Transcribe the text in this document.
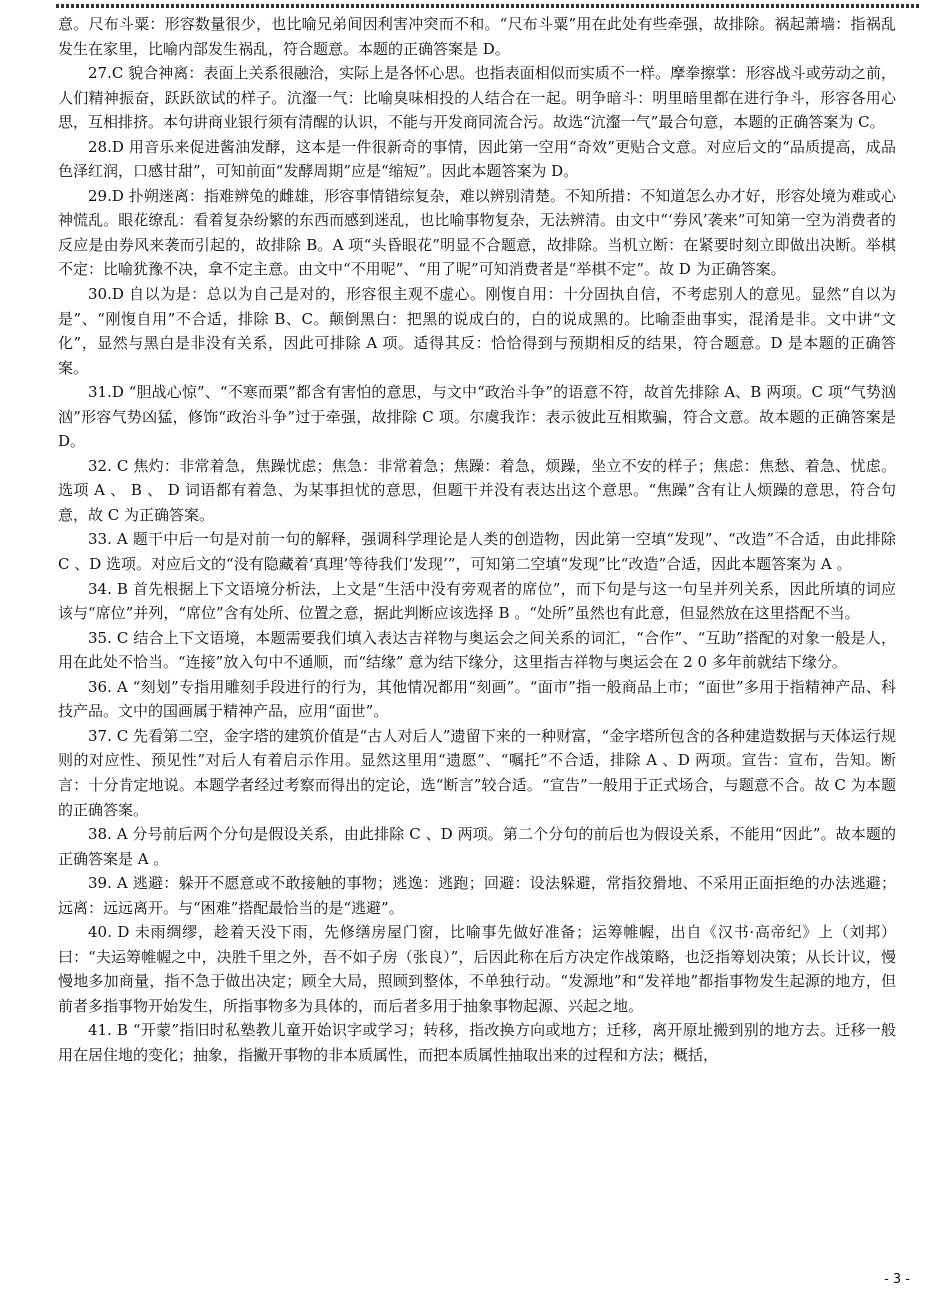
意。尺布斗粟：形容数量很少，也比喻兄弟间因利害冲突而不和。“尺布斗粟”用在此处有些牵强，故排除。祸起萧墙：指祸乱发生在家里，比喻内部发生祸乱，符合题意。本题的正确答案是 D。

27.C 貌合神离：表面上关系很融洽，实际上是各怀心思。也指表面相似而实质不一样。摩拳擦掌：形容战斗或劳动之前，人们精神振奋，跃跃欲试的样子。沆瀣一气：比喻臭味相投的人结合在一起。明争暗斗：明里暗里都在进行争斗，形容各用心思，互相排挤。本句讲商业银行须有清醒的认识，不能与开发商同流合污。故选“沆瀣一气”最合句意，本题的正确答案为 C。

28.D 用音乐来促进酱油发酵，这本是一件很新奇的事情，因此第一空用“奇效”更贴合文意。对应后文的“品质提高，成品色泽红润，口感甘甜”，可知前面“发酵周期”应是“缩短”。因此本题答案为 D。

29.D 扑朔迷离：指难辨兔的雌雄，形容事情错综复杂，难以辨别清楚。不知所措：不知道怎么办才好，形容处境为难或心神慌乱。眼花缭乱：看着复杂纷繁的东西而感到迷乱，也比喻事物复杂，无法辨清。由文中“‘券风’袭来”可知第一空为消费者的反应是由券风来袭而引起的，故排除 B。A 项“头昏眼花”明显不合题意，故排除。当机立断：在紧要时刻立即做出决断。举棋不定：比喻犹豫不决，拿不定主意。由文中“不用呢”、“用了呢”可知消费者是“举棋不定”。故 D 为正确答案。

30.D 自以为是：总以为自己是对的，形容很主观不虚心。刚愎自用：十分固执自信，不考虑别人的意见。显然“自以为是”、“刚愎自用”不合适，排除 B、C。颠倒黑白：把黑的说成白的，白的说成黑的。比喻歪曲事实，混淆是非。文中讲“文化”，显然与黑白是非没有关系，因此可排除 A 项。适得其反：恰恰得到与预期相反的结果，符合题意。D 是本题的正确答案。

31.D “胆战心惊”、“不寒而栗”都含有害怕的意思，与文中“政治斗争”的语意不符，故首先排除 A、B 两项。C 项“气势汹汹”形容气势凶猛，修饰“政治斗争”过于牵强，故排除 C 项。尔虞我诈：表示彼此互相欺骗，符合文意。故本题的正确答案是 D。

32. C 焦灼：非常着急，焦躁忧虑；焦急：非常着急；焦躁：着急，烦躁，坐立不安的样子；焦虑：焦愁、着急、忧虑。选项 A 、 B 、 D 词语都有着急、为某事担忧的意思，但题干并没有表达出这个意思。“焦躁”含有让人烦躁的意思，符合句意，故 C 为正确答案。

33. A 题干中后一句是对前一句的解释，强调科学理论是人类的创造物，因此第一空填“发现”、“改造”不合适，由此排除 C 、D 选项。对应后文的“没有隐藏着‘真理’等待我们‘发现’”，可知第二空填“发现”比“改造”合适，因此本题答案为 A 。

34. B 首先根据上下文语境分析法，上文是“生活中没有旁观者的席位”，而下句是与这一句呈并列关系，因此所填的词应该与“席位”并列，“席位”含有处所、位置之意，据此判断应该选择 B 。“处所”虽然也有此意，但显然放在这里搭配不当。

35. C 结合上下文语境，本题需要我们填入表达吉祥物与奥运会之间关系的词汇，“合作”、“互助”搭配的对象一般是人，用在此处不恰当。“连接”放入句中不通顺，而“结缘” 意为结下缘分，这里指吉祥物与奥运会在 2 0 多年前就结下缘分。

36. A “刻划”专指用雕刻手段进行的行为，其他情况都用“刻画”。“面市”指一般商品上市；“面世”多用于指精神产品、科技产品。文中的国画属于精神产品，应用“面世”。

37. C 先看第二空，金字塔的建筑价值是“古人对后人”遗留下来的一种财富，“金字塔所包含的各种建造数据与天体运行规则的对应性、预见性”对后人有着启示作用。显然这里用“遗愿”、“嘱托”不合适，排除 A 、D 两项。宣告：宣布，告知。断言：十分肯定地说。本题学者经过考察而得出的定论，选“断言”较合适。“宣告”一般用于正式场合，与题意不合。故 C 为本题的正确答案。

38. A 分号前后两个分句是假设关系，由此排除 C 、D 两项。第二个分句的前后也为假设关系，不能用“因此”。故本题的正确答案是 A 。

39. A 逃避：躲开不愿意或不敢接触的事物；逃逸：逃跑；回避：设法躲避，常指狡猾地、不采用正面拒绝的办法逃避；远离：远远离开。与“困难”搭配最恰当的是“逃避”。

40. D 未雨绸缪，趁着天没下雨，先修缮房屋门窗，比喻事先做好准备；运筹帷幄，出自《汉书·高帝纪》上（刘邦）曰：“夫运筹帷幄之中，决胜千里之外，吾不如子房（张良）”，后因此称在后方决定作战策略，也泛指筹划决策；从长计议，慢慢地多加商量，指不急于做出决定；顾全大局，照顾到整体，不单独行动。“发源地”和“发祥地”都指事物发生起源的地方，但前者多指事物开始发生，所指事物多为具体的，而后者多用于抽象事物起源、兴起之地。

41. B “开蒙”指旧时私塾教儿童开始识字或学习；转移，指改换方向或地方；迁移，离开原址搬到别的地方去。迁移一般用在居住地的变化；抽象，指撇开事物的非本质属性，而把本质属性抽取出来的过程和方法；概括，

- 3 -
